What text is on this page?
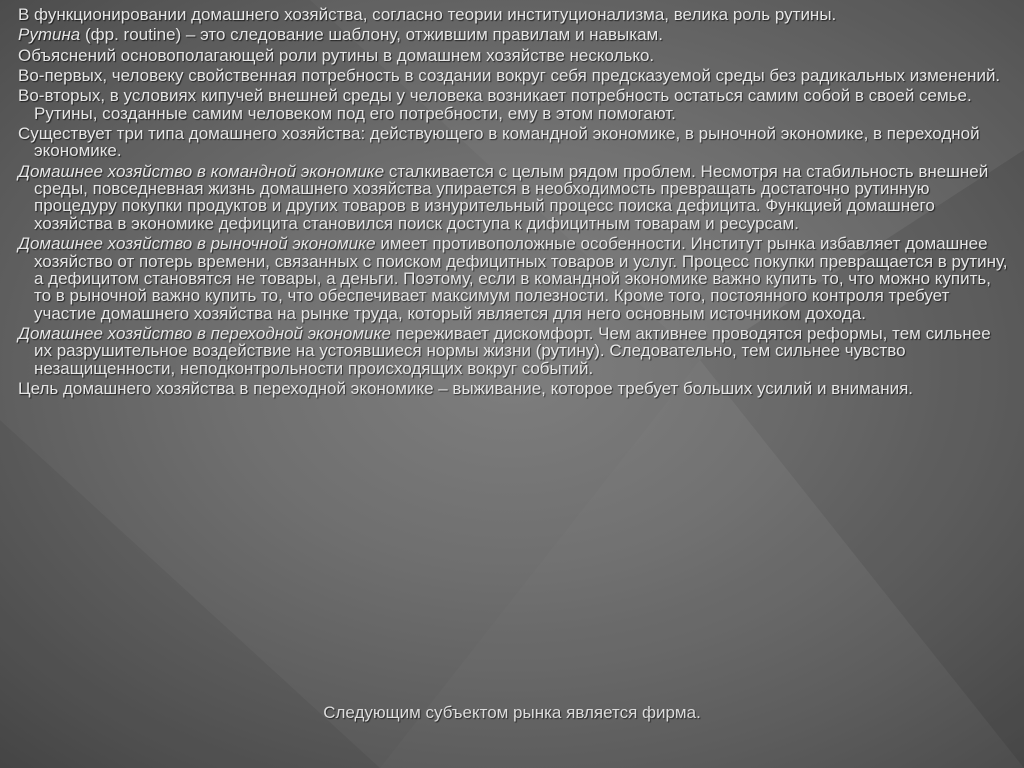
В функционировании домашнего хозяйства, согласно теории институционализма, велика роль рутины.

Рутина (фр. routine) – это следование шаблону, отжившим правилам и навыкам.

Объяснений основополагающей роли рутины в домашнем хозяйстве несколько.

Во-первых, человеку свойственная потребность в создании вокруг себя предсказуемой среды без радикальных изменений.

Во-вторых, в условиях кипучей внешней среды у человека возникает потребность остаться самим собой в своей семье. Рутины, созданные самим человеком под его потребности, ему в этом помогают.

Существует три типа домашнего хозяйства: действующего в командной экономике, в рыночной экономике, в переходной экономике.

Домашнее хозяйство в командной экономике сталкивается с целым рядом проблем. Несмотря на стабильность внешней среды, повседневная жизнь домашнего хозяйства упирается в необходимость превращать достаточно рутинную процедуру покупки продуктов и других товаров в изнурительный процесс поиска дефицита. Функцией домашнего хозяйства в экономике дефицита становился поиск доступа к дифицитным товарам и ресурсам.

Домашнее хозяйство в рыночной экономике имеет противоположные особенности. Институт рынка избавляет домашнее хозяйство от потерь времени, связанных с поиском дефицитных товаров и услуг. Процесс покупки превращается в рутину, а дефицитом становятся не товары, а деньги. Поэтому, если в командной экономике важно купить то, что можно купить, то в рыночной важно купить то, что обеспечивает максимум полезности. Кроме того, постоянного контроля требует участие домашнего хозяйства на рынке труда, который является для него основным источником дохода.

Домашнее хозяйство в переходной экономике переживает дискомфорт. Чем активнее проводятся реформы, тем сильнее их разрушительное воздействие на устоявшиеся нормы жизни (рутину). Следовательно, тем сильнее чувство незащищенности, неподконтрольности происходящих вокруг событий.

Цель домашнего хозяйства в переходной экономике – выживание, которое требует больших усилий и внимания.

Следующим субъектом рынка является фирма.
